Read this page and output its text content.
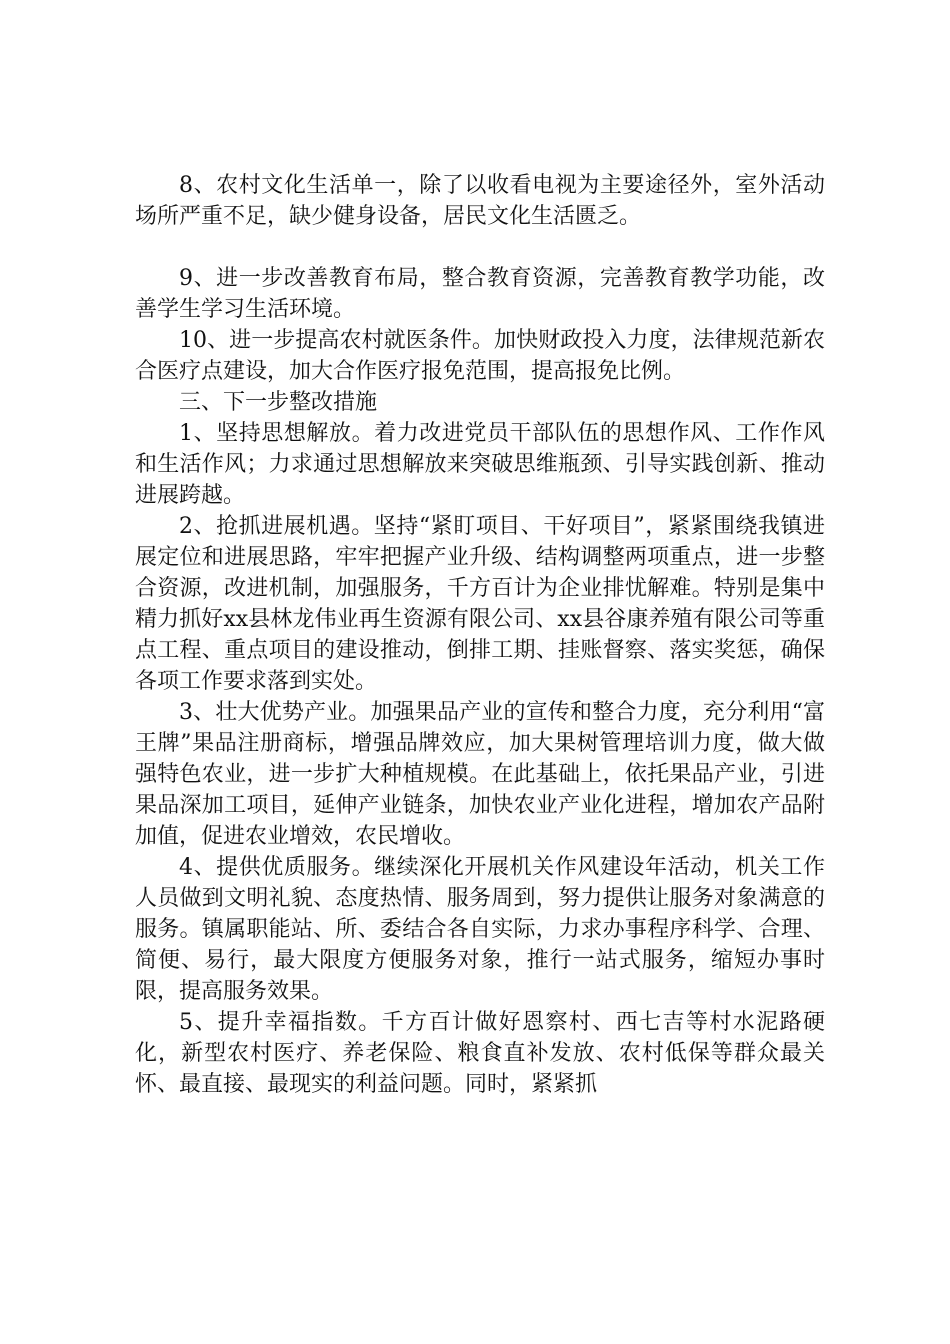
8、农村文化生活单一，除了以收看电视为主要途径外，室外活动场所严重不足，缺少健身设备，居民文化生活匮乏。

9、进一步改善教育布局，整合教育资源，完善教育教学功能，改善学生学习生活环境。

10、进一步提高农村就医条件。加快财政投入力度，法律规范新农合医疗点建设，加大合作医疗报免范围，提高报免比例。

三、下一步整改措施

1、坚持思想解放。着力改进党员干部队伍的思想作风、工作作风和生活作风；力求通过思想解放来突破思维瓶颈、引导实践创新、推动进展跨越。

2、抢抓进展机遇。坚持“紧盯项目、干好项目”，紧紧围绕我镇进展定位和进展思路，牢牢把握产业升级、结构调整两项重点，进一步整合资源，改进机制，加强服务，千方百计为企业排忧解难。特别是集中精力抓好xx县林龙伟业再生资源有限公司、xx县谷康养殖有限公司等重点工程、重点项目的建设推动，倒排工期、挂账督察、落实奖惩，确保各项工作要求落到实处。

3、壮大优势产业。加强果品产业的宣传和整合力度，充分利用“富王牌”果品注册商标，增强品牌效应，加大果树管理培训力度，做大做强特色农业，进一步扩大种植规模。在此基础上，依托果品产业，引进果品深加工项目，延伸产业链条，加快农业产业化进程，增加农产品附加值，促进农业增效，农民增收。

4、提供优质服务。继续深化开展机关作风建设年活动，机关工作人员做到文明礼貌、态度热情、服务周到，努力提供让服务对象满意的服务。镇属职能站、所、委结合各自实际，力求办事程序科学、合理、简便、易行，最大限度方便服务对象，推行一站式服务，缩短办事时限，提高服务效果。

5、提升幸福指数。千方百计做好恩察村、西七吉等村水泥路硬化，新型农村医疗、养老保险、粮食直补发放、农村低保等群众最关怀、最直接、最现实的利益问题。同时，紧紧抓
